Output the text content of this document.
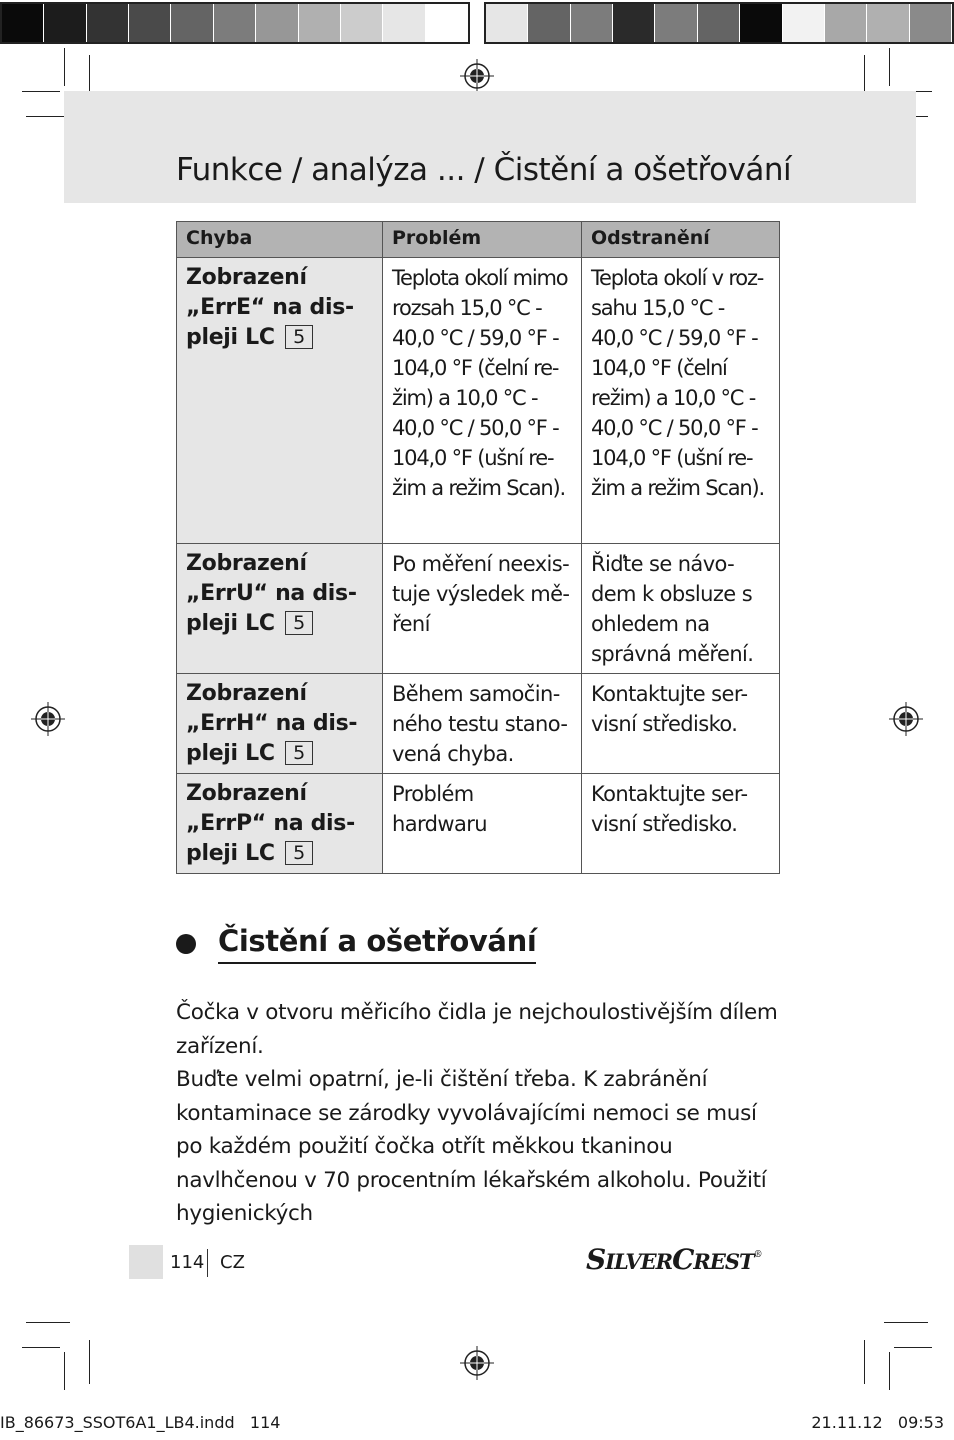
Funkce / analýza ... / Čistění a ošetřování
Chyba	Problém	Odstranění
Zobrazení „ErrE“ na dis-pleji LC 5	Teplota okolí mimo rozsah 15,0 °C - 40,0 °C / 59,0 °F - 104,0 °F (čelní re-žim) a 10,0 °C - 40,0 °C / 50,0 °F - 104,0 °F (ušní re-žim a režim Scan).	Teplota okolí v roz-sahu 15,0 °C - 40,0 °C / 59,0 °F - 104,0 °F (čelní režim) a 10,0 °C - 40,0 °C / 50,0 °F - 104,0 °F (ušní re-žim a režim Scan).
Zobrazení „ErrU“ na dis-pleji LC 5	Po měření neexis-tuje výsledek mě-ření	Řiďte se návo-dem k obsluze s ohledem na správná měření.
Zobrazení „ErrH“ na dis-pleji LC 5	Během samočin-ného testu stano-vená chyba.	Kontaktujte ser-visní středisko.
Zobrazení „ErrP“ na dis-pleji LC 5	Problém hardwaru	Kontaktujte ser-visní středisko.
Čistění a ošetřování

Čočka v otvoru měřicího čidla je nejchoulostivějším dílem zařízení.

Buďte velmi opatrní, je-li čištění třeba. K zabránění kontaminace se zárodky vyvolávajícími nemoci se musí po každém použití čočka otřít měkkou tkaninou navlhčenou v 70 procentním lékařském alkoholu. Použití hygienických

114 CZ	SILVERCREST®
IB_86673_SSOT6A1_LB4.indd   114	21.11.12   09:53
